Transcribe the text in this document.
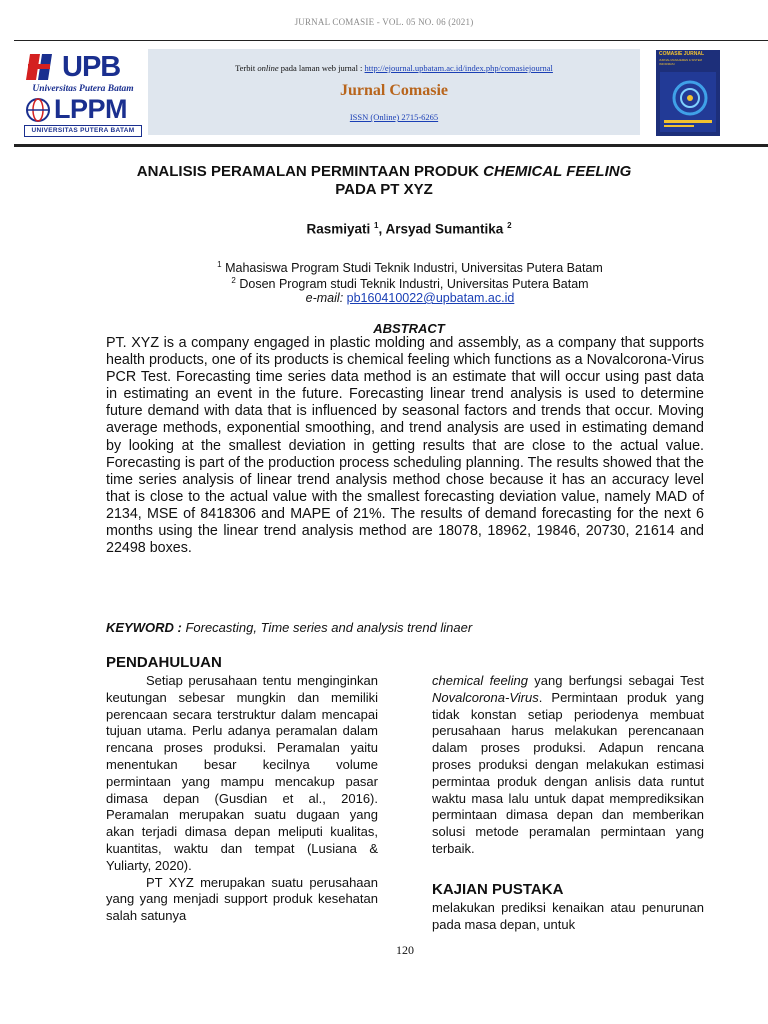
JURNAL COMASIE - VOL. 05 NO. 06 (2021)
UPB
Universitas Putera Batam
LPPM
UNIVERSITAS PUTERA BATAM
Terbit online pada laman web jurnal : http://ejournal.upbatam.ac.id/index.php/comasiejournal
Jurnal Comasie
ISSN (Online) 2715-6265
COMASIE JURNAL
JURNAL MANAJEMEN & SISTEM INFORMASI
ANALISIS PERAMALAN PERMINTAAN PRODUK CHEMICAL FEELING
PADA PT XYZ
Rasmiyati $^1$, Arsyad Sumantika $^2$
$^1$ Mahasiswa Program Studi Teknik Industri, Universitas Putera Batam
$^2$ Dosen Program studi Teknik Industri, Universitas Putera Batam
e-mail: pb160410022@upbatam.ac.id
ABSTRACT

PT. XYZ is a company engaged in plastic molding and assembly, as a company that supports health products, one of its products is chemical feeling which functions as a Novalcorona-Virus PCR Test. Forecasting time series data method is an estimate that will occur using past data in estimating an event in the future. Forecasting linear trend analysis is used to determine future demand with data that is influenced by seasonal factors and trends that occur. Moving average methods, exponential smoothing, and trend analysis are used in estimating demand by looking at the smallest deviation in getting results that are close to the actual value. Forecasting is part of the production process scheduling planning. The results showed that the time series analysis of linear trend analysis method chose because it has an accuracy level that is close to the actual value with the smallest forecasting deviation value, namely MAD of 2134, MSE of 8418306 and MAPE of 21%. The results of demand forecasting for the next 6 months using the linear trend analysis method are 18078, 18962, 19846, 20730, 21614 and 22498 boxes.

KEYWORD : Forecasting, Time series and analysis trend linaer
PENDAHULUAN

Setiap perusahaan tentu menginginkan keutungan sebesar mungkin dan memiliki perencaan secara terstruktur dalam mencapai tujuan utama. Perlu adanya peramalan dalam rencana proses produksi. Peramalan yaitu menentukan besar kecilnya volume permintaan yang mampu mencakup pasar dimasa depan (Gusdian et al., 2016). Peramalan merupakan suatu dugaan yang akan terjadi dimasa depan meliputi kualitas, kuantitas, waktu dan tempat (Lusiana & Yuliarty, 2020).

PT XYZ merupakan suatu perusahaan yang yang menjadi support produk kesehatan salah satunya

chemical feeling yang berfungsi sebagai Test Novalcorona-Virus. Permintaan produk yang tidak konstan setiap periodenya membuat perusahaan harus melakukan perencanaan dalam proses produksi. Adapun rencana proses produksi dengan melakukan estimasi permintaa produk dengan anlisis data runtut waktu masa lalu untuk dapat memprediksikan permintaan dimasa depan dan memberikan solusi metode peramalan permintaan yang terbaik.

KAJIAN PUSTAKA

melakukan prediksi kenaikan atau penurunan pada masa depan, untuk

120
